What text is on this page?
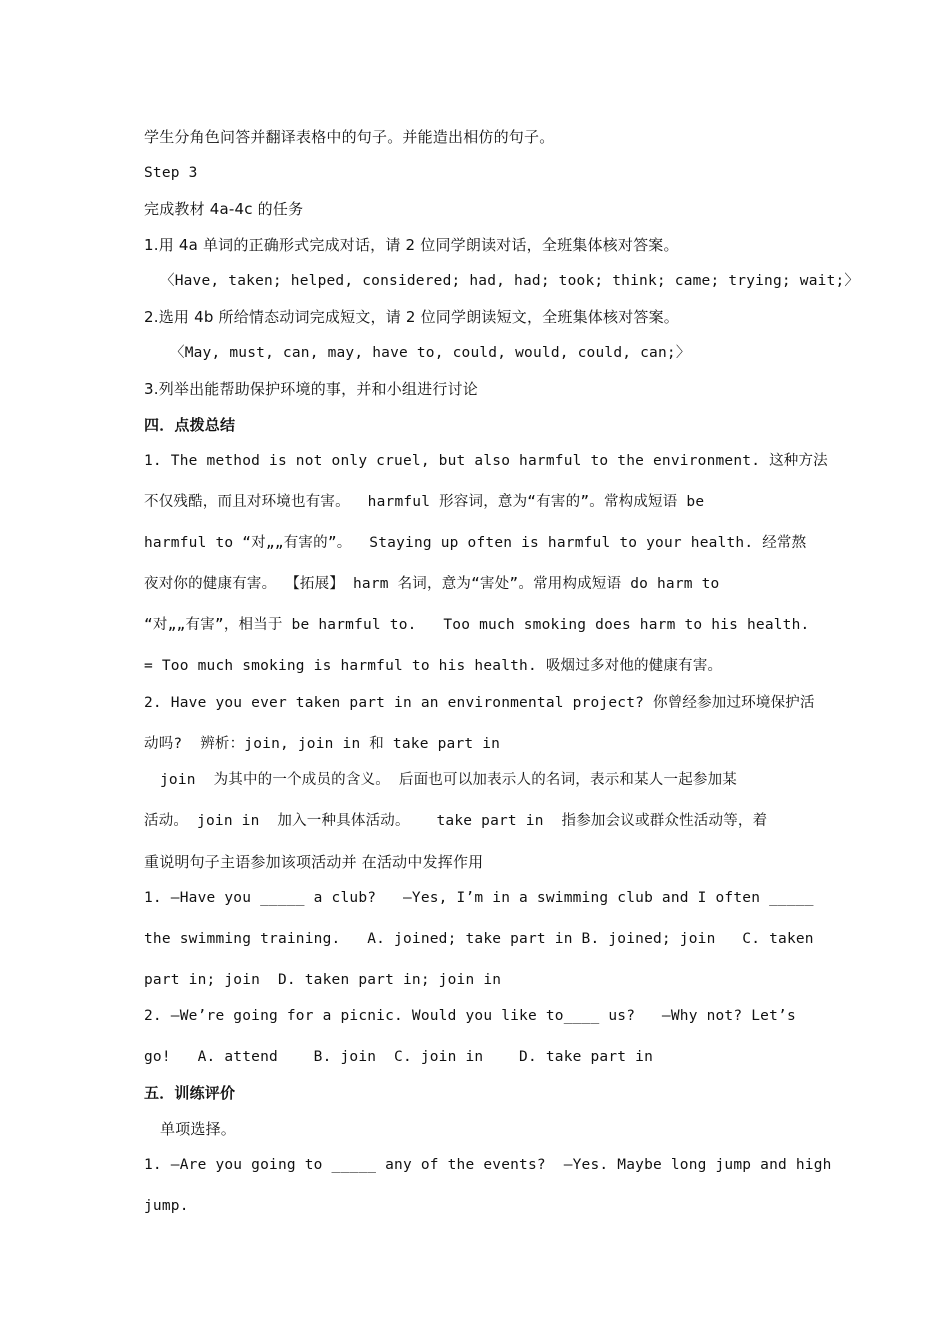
学生分角色问答并翻译表格中的句子。并能造出相仿的句子。
Step 3
完成教材 4a-4c 的任务
1.用 4a 单词的正确形式完成对话，请 2 位同学朗读对话，全班集体核对答案。
〈Have, taken; helped, considered; had, had; took; think; came; trying; wait;〉
2.选用 4b 所给情态动词完成短文，请 2 位同学朗读短文，全班集体核对答案。
〈May, must, can, may, have to, could, would, could, can;〉
3.列举出能帮助保护环境的事，并和小组进行讨论
四．点拨总结
1. The method is not only cruel, but also harmful to the environment. 这种方法
不仅残酷，而且对环境也有害。  harmful 形容词，意为“有害的”。常构成短语 be
harmful to “对„„有害的”。  Staying up often is harmful to your health. 经常熬
夜对你的健康有害。 【拓展】 harm 名词，意为“害处”。常用构成短语 do harm to
“对„„有害”，相当于 be harmful to.   Too much smoking does harm to his health.
= Too much smoking is harmful to his health. 吸烟过多对他的健康有害。
2. Have you ever taken part in an environmental project? 你曾经参加过环境保护活
动吗?  辨析：join, join in 和 take part in
join  为其中的一个成员的含义。 后面也可以加表示人的名词，表示和某人一起参加某
活动。 join in  加入一种具体活动。   take part in  指参加会议或群众性活动等，着
重说明句子主语参加该项活动并 在活动中发挥作用
1. —Have you _____ a club?   —Yes, I’m in a swimming club and I often _____
the swimming training.   A. joined; take part in B. joined; join   C. taken
part in; join  D. taken part in; join in
2. —We’re going for a picnic. Would you like to____ us?   —Why not? Let’s
go!   A. attend    B. join  C. join in    D. take part in
五．训练评价
单项选择。
1. —Are you going to _____ any of the events?  —Yes. Maybe long jump and high
jump.
